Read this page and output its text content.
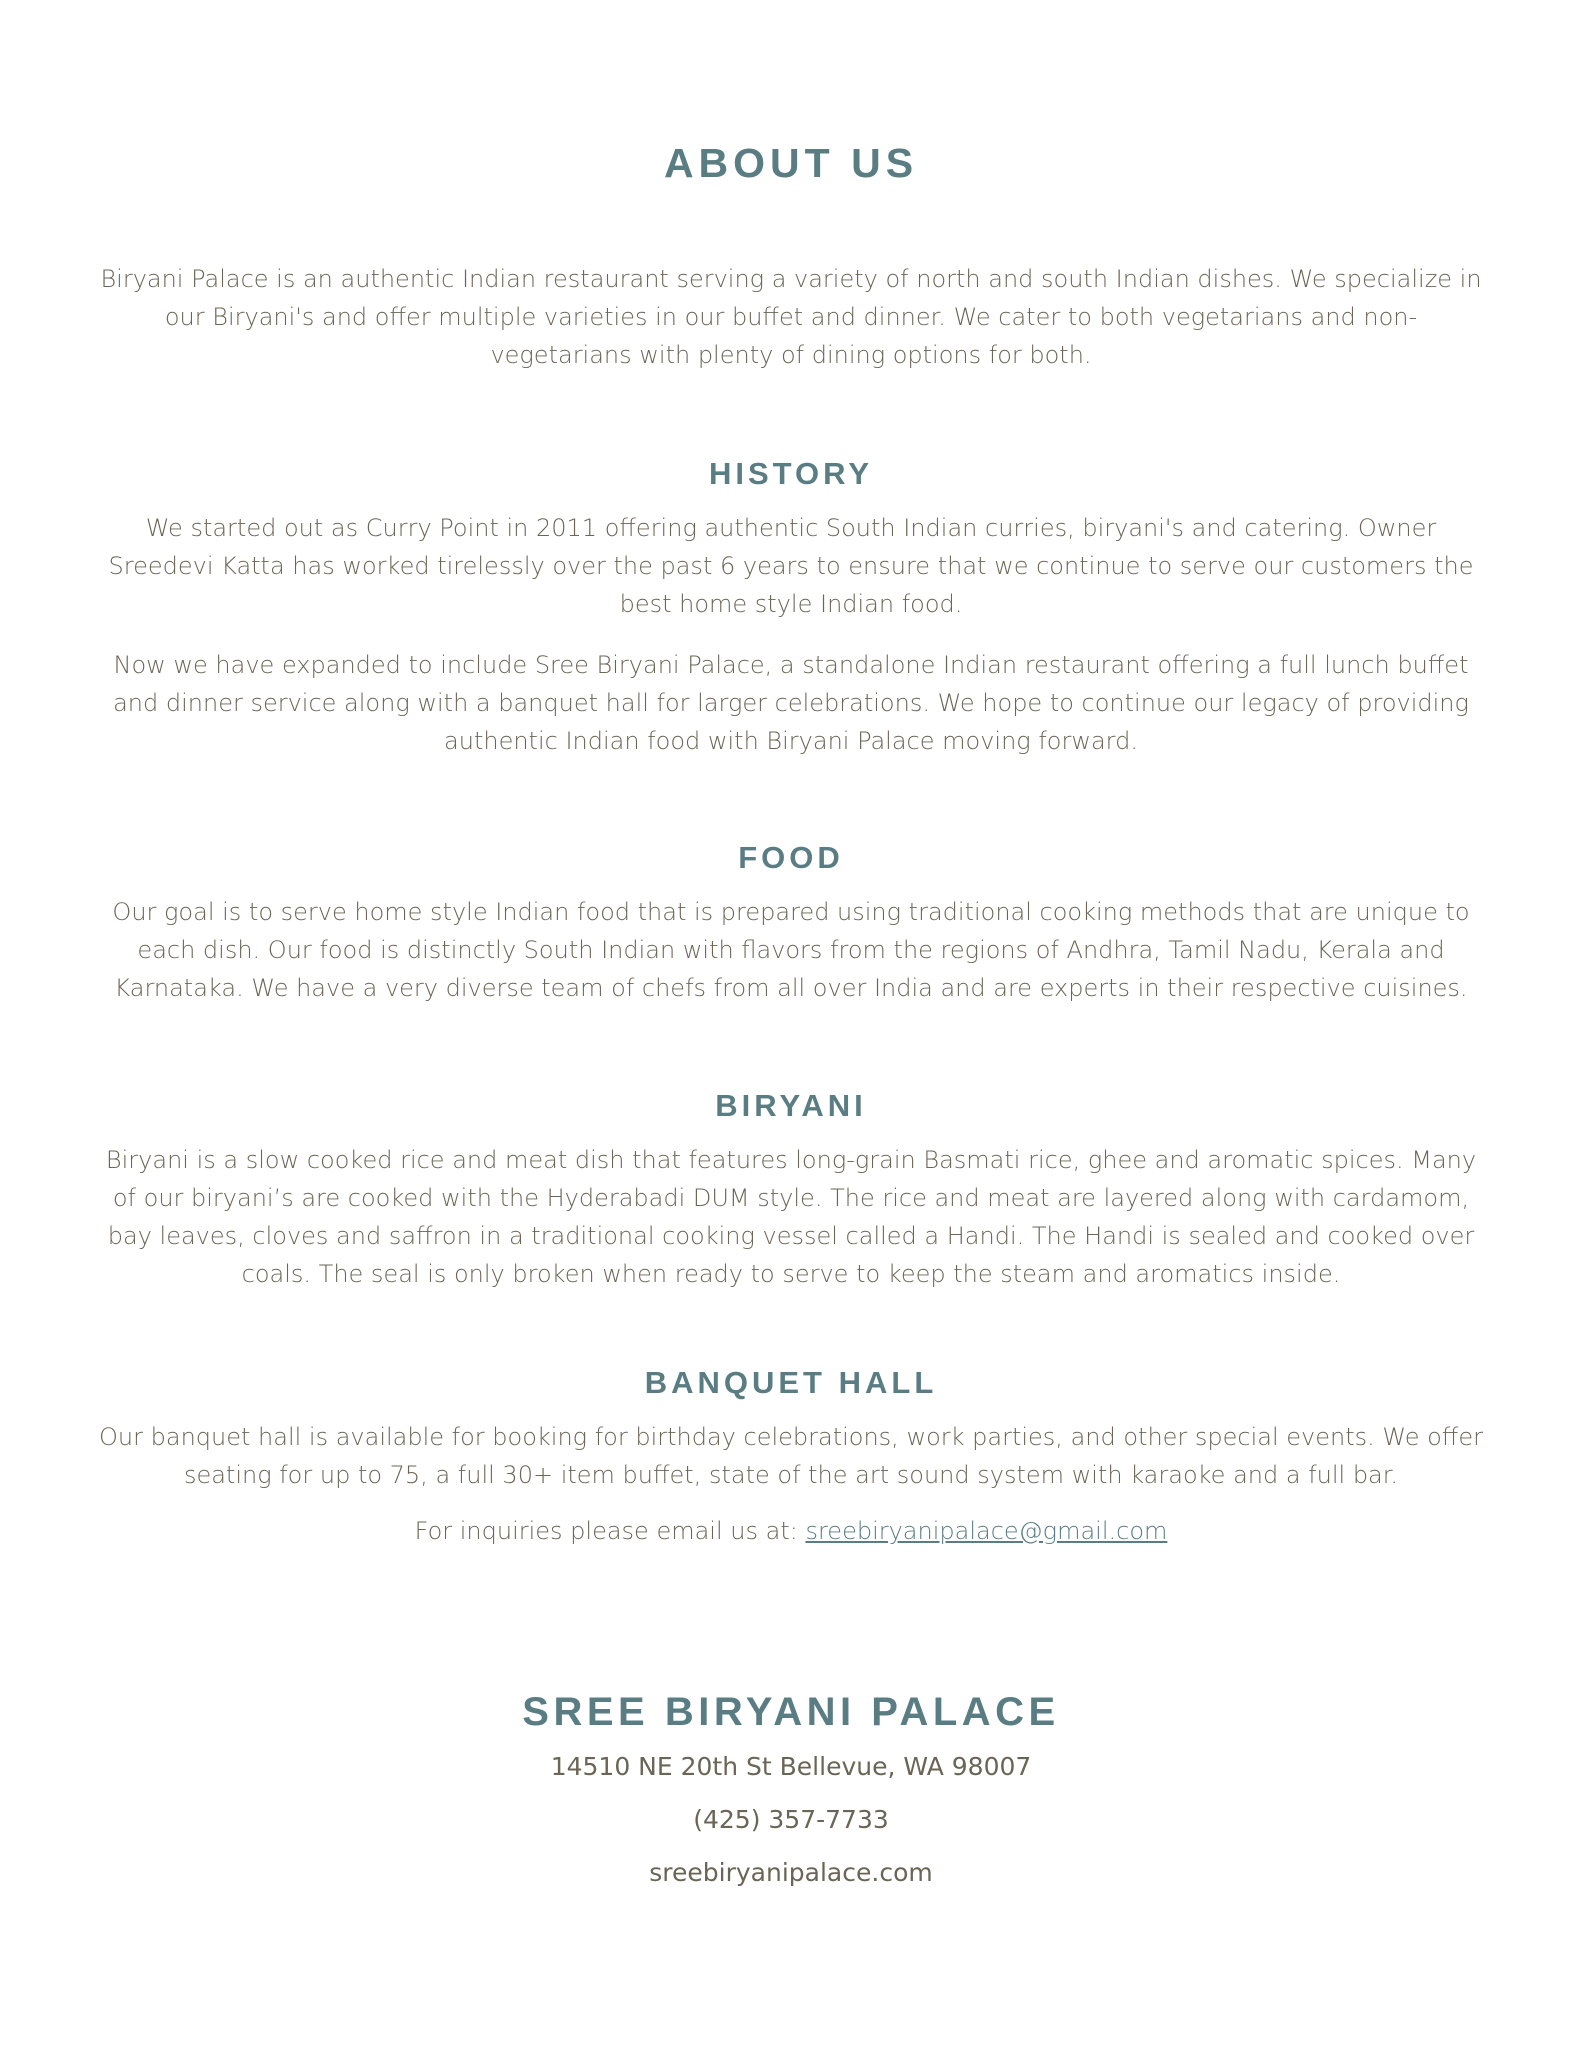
ABOUT US

Biryani Palace is an authentic Indian restaurant serving a variety of north and south Indian dishes. We specialize in our Biryani's and offer multiple varieties in our buffet and dinner. We cater to both vegetarians and non-vegetarians with plenty of dining options for both.

HISTORY

We started out as Curry Point in 2011 offering authentic South Indian curries, biryani's and catering. Owner Sreedevi Katta has worked tirelessly over the past 6 years to ensure that we continue to serve our customers the best home style Indian food.

Now we have expanded to include Sree Biryani Palace, a standalone Indian restaurant offering a full lunch buffet and dinner service along with a banquet hall for larger celebrations. We hope to continue our legacy of providing authentic Indian food with Biryani Palace moving forward.

FOOD

Our goal is to serve home style Indian food that is prepared using traditional cooking methods that are unique to each dish. Our food is distinctly South Indian with flavors from the regions of Andhra, Tamil Nadu, Kerala and Karnataka. We have a very diverse team of chefs from all over India and are experts in their respective cuisines.

BIRYANI

Biryani is a slow cooked rice and meat dish that features long-grain Basmati rice, ghee and aromatic spices. Many of our biryani’s are cooked with the Hyderabadi DUM style. The rice and meat are layered along with cardamom, bay leaves, cloves and saffron in a traditional cooking vessel called a Handi. The Handi is sealed and cooked over coals. The seal is only broken when ready to serve to keep the steam and aromatics inside.

BANQUET HALL

Our banquet hall is available for booking for birthday celebrations, work parties, and other special events. We offer seating for up to 75, a full 30+ item buffet, state of the art sound system with karaoke and a full bar.

For inquiries please email us at: sreebiryanipalace@gmail.com

SREE BIRYANI PALACE

14510 NE 20th St Bellevue, WA 98007

(425) 357-7733

sreebiryanipalace.com
